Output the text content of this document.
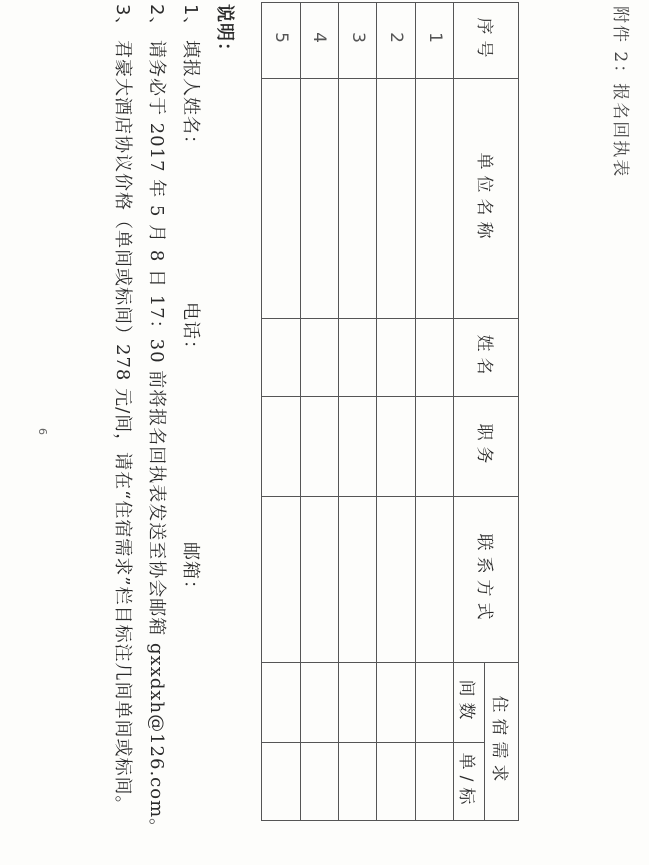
附件 2：报名回执表
序号	单位名称	姓名	职务	联系方式	住宿需求	
					间数	单/标
1						
2						
3						
4						
5						
说明：
1、填报人姓名：电话：邮箱：
2、请务必于 2017 年 5 月 8 日 17：30 前将报名回执表发送至协会邮箱 gxxdxh@126.com。
3、君豪大酒店协议价格（单间或标间）278 元/间，请在“住宿需求”栏目标注几间单间或标间。
6
